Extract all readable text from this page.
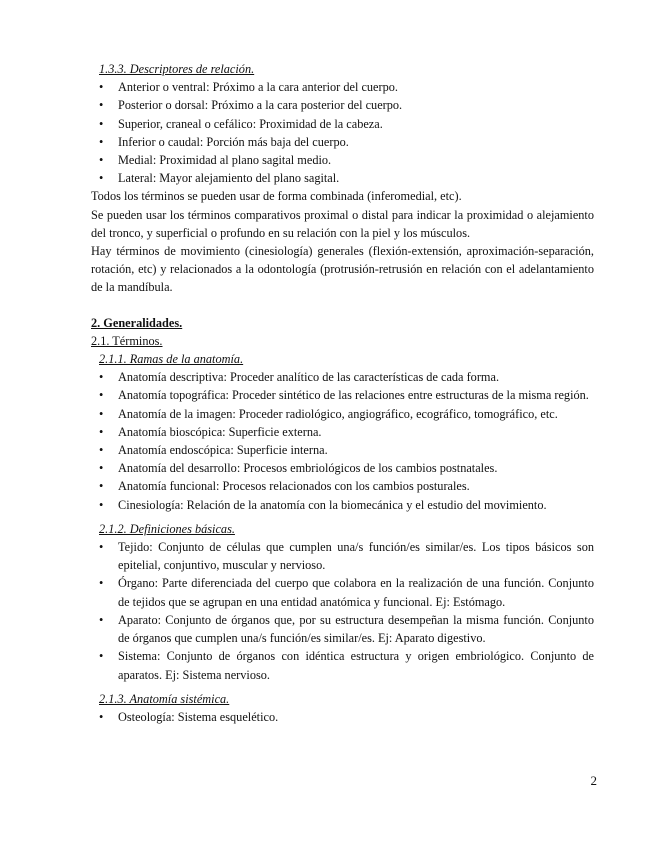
1.3.3. Descriptores de relación.
• Anterior o ventral: Próximo a la cara anterior del cuerpo.
• Posterior o dorsal: Próximo a la cara posterior del cuerpo.
• Superior, craneal o cefálico: Proximidad de la cabeza.
• Inferior o caudal: Porción más baja del cuerpo.
• Medial: Proximidad al plano sagital medio.
• Lateral: Mayor alejamiento del plano sagital.

Todos los términos se pueden usar de forma combinada (inferomedial, etc).

Se pueden usar los términos comparativos proximal o distal para indicar la proximidad o alejamiento del tronco, y superficial o profundo en su relación con la piel y los músculos.

Hay términos de movimiento (cinesiología) generales (flexión-extensión, aproximación-separación, rotación, etc) y relacionados a la odontología (protrusión-retrusión en relación con el adelantamiento de la mandíbula.

2. Generalidades.
2.1. Términos.
2.1.1. Ramas de la anatomía.
• Anatomía descriptiva: Proceder analítico de las características de cada forma.
• Anatomía topográfica: Proceder sintético de las relaciones entre estructuras de la misma región.
• Anatomía de la imagen: Proceder radiológico, angiográfico, ecográfico, tomográfico, etc.
• Anatomía bioscópica: Superficie externa.
• Anatomía endoscópica: Superficie interna.
• Anatomía del desarrollo: Procesos embriológicos de los cambios postnatales.
• Anatomía funcional: Procesos relacionados con los cambios posturales.
• Cinesiología: Relación de la anatomía con la biomecánica y el estudio del movimiento.
2.1.2. Definiciones básicas.
• Tejido: Conjunto de células que cumplen una/s función/es similar/es. Los tipos básicos son epitelial, conjuntivo, muscular y nervioso.
• Órgano: Parte diferenciada del cuerpo que colabora en la realización de una función. Conjunto de tejidos que se agrupan en una entidad anatómica y funcional. Ej: Estómago.
• Aparato: Conjunto de órganos que, por su estructura desempeñan la misma función. Conjunto de órganos que cumplen una/s función/es similar/es. Ej: Aparato digestivo.
• Sistema: Conjunto de órganos con idéntica estructura y origen embriológico. Conjunto de aparatos. Ej: Sistema nervioso.
2.1.3. Anatomía sistémica.
• Osteología: Sistema esquelético.
2
